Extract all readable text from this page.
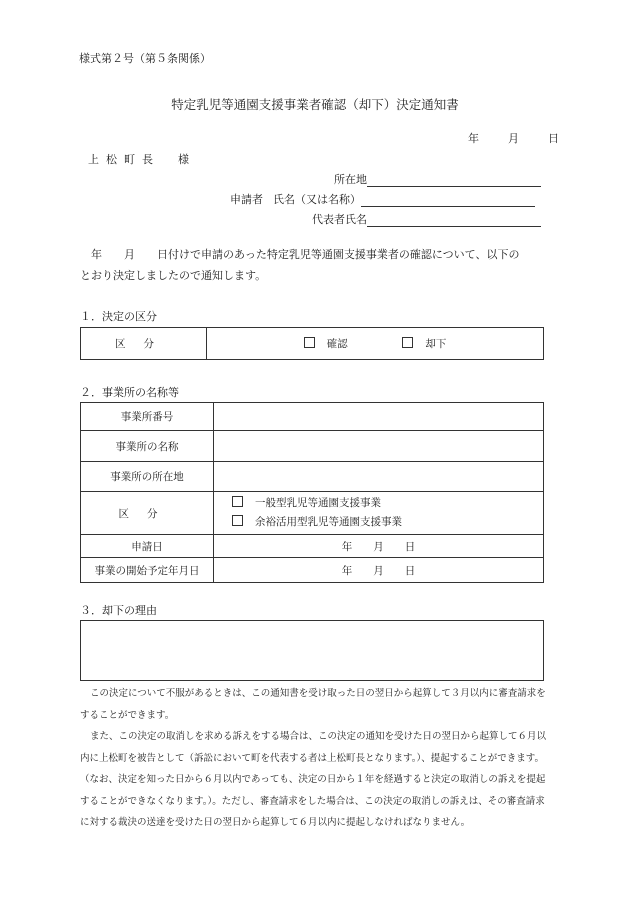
様式第２号（第５条関係）
特定乳児等通園支援事業者確認（却下）決定通知書
年	月	日
上松町長　様
所在地
申請者 氏名（又は名称）
代表者氏名
年　　月　　日付けで申請のあった特定乳児等通園支援事業者の確認について、以下の
とおり決定しましたので通知します。
１．決定の区分
区分	確認	却下
２．事業所の名称等
事業所番号	
事業所の名称	
事業所の所在地	
区分	一般型乳児等通園支援事業
余裕活用型乳児等通園支援事業

申請日	年　　月　　日
事業の開始予定年月日	年　　月　　日
３．却下の理由
この決定について不服があるときは、この通知書を受け取った日の翌日から起算して３月以内に審査請求をすることができます。
また、この決定の取消しを求める訴えをする場合は、この決定の通知を受けた日の翌日から起算して６月以内に上松町を被告として（訴訟において町を代表する者は上松町長となります。）、提起することができます。（なお、決定を知った日から６月以内であっても、決定の日から１年を経過すると決定の取消しの訴えを提起することができなくなります。）。ただし、審査請求をした場合は、この決定の取消しの訴えは、その審査請求に対する裁決の送達を受けた日の翌日から起算して６月以内に提起しなければなりません。
